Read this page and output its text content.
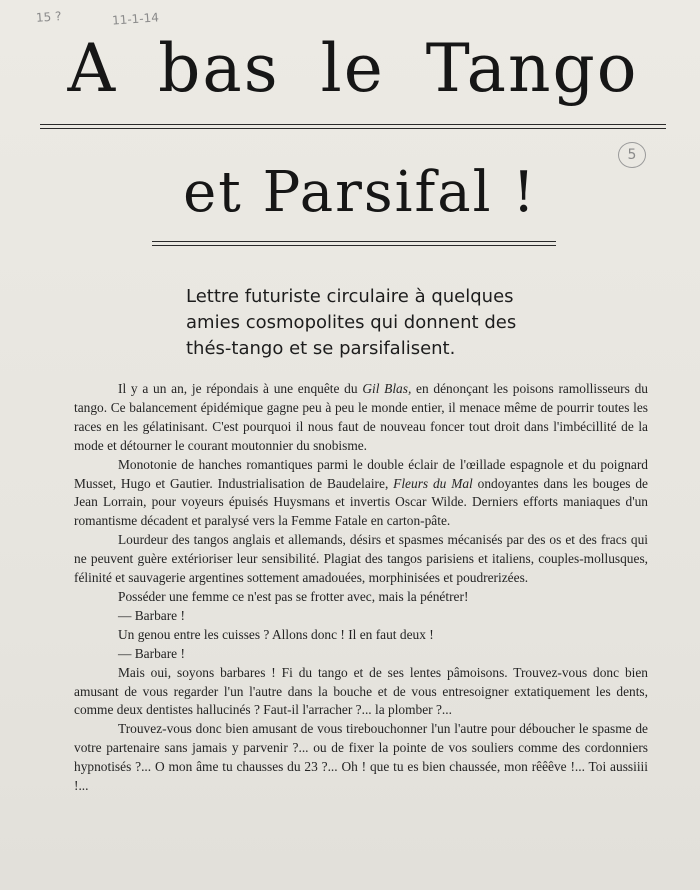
15 ?	11-1-14
5
A bas le Tango
et Parsifal !
Lettre futuriste circulaire à quelques
amies cosmopolites qui donnent des
thés-tango et se parsifalisent.

Il y a un an, je répondais à une enquête du Gil Blas, en dénonçant les poisons ramollisseurs du tango. Ce balancement épidémique gagne peu à peu le monde entier, il menace même de pourrir toutes les races en les gélatinisant. C'est pourquoi il nous faut de nouveau foncer tout droit dans l'imbécillité de la mode et détourner le courant moutonnier du snobisme.

Monotonie de hanches romantiques parmi le double éclair de l'œillade espagnole et du poignard Musset, Hugo et Gautier. Industrialisation de Baudelaire, Fleurs du Mal ondoyantes dans les bouges de Jean Lorrain, pour voyeurs épuisés Huysmans et invertis Oscar Wilde. Derniers efforts maniaques d'un romantisme décadent et paralysé vers la Femme Fatale en carton-pâte.

Lourdeur des tangos anglais et allemands, désirs et spasmes mécanisés par des os et des fracs qui ne peuvent guère extérioriser leur sensibilité. Plagiat des tangos parisiens et italiens, couples-mollusques, félinité et sauvagerie argentines sottement amadouées, morphinisées et poudrerizées.

Posséder une femme ce n'est pas se frotter avec, mais la pénétrer!

— Barbare !

Un genou entre les cuisses ? Allons donc ! Il en faut deux !

— Barbare !

Mais oui, soyons barbares ! Fi du tango et de ses lentes pâmoisons. Trouvez-vous donc bien amusant de vous regarder l'un l'autre dans la bouche et de vous entresoigner extatiquement les dents, comme deux dentistes hallucinés ? Faut-il l'arracher ?... la plomber ?...

Trouvez-vous donc bien amusant de vous tirebouchonner l'un l'autre pour déboucher le spasme de votre partenaire sans jamais y parvenir ?... ou de fixer la pointe de vos souliers comme des cordonniers hypnotisés ?... O mon âme tu chausses du 23 ?... Oh ! que tu es bien chaussée, mon rêêêve !... Toi aussiiii !...
